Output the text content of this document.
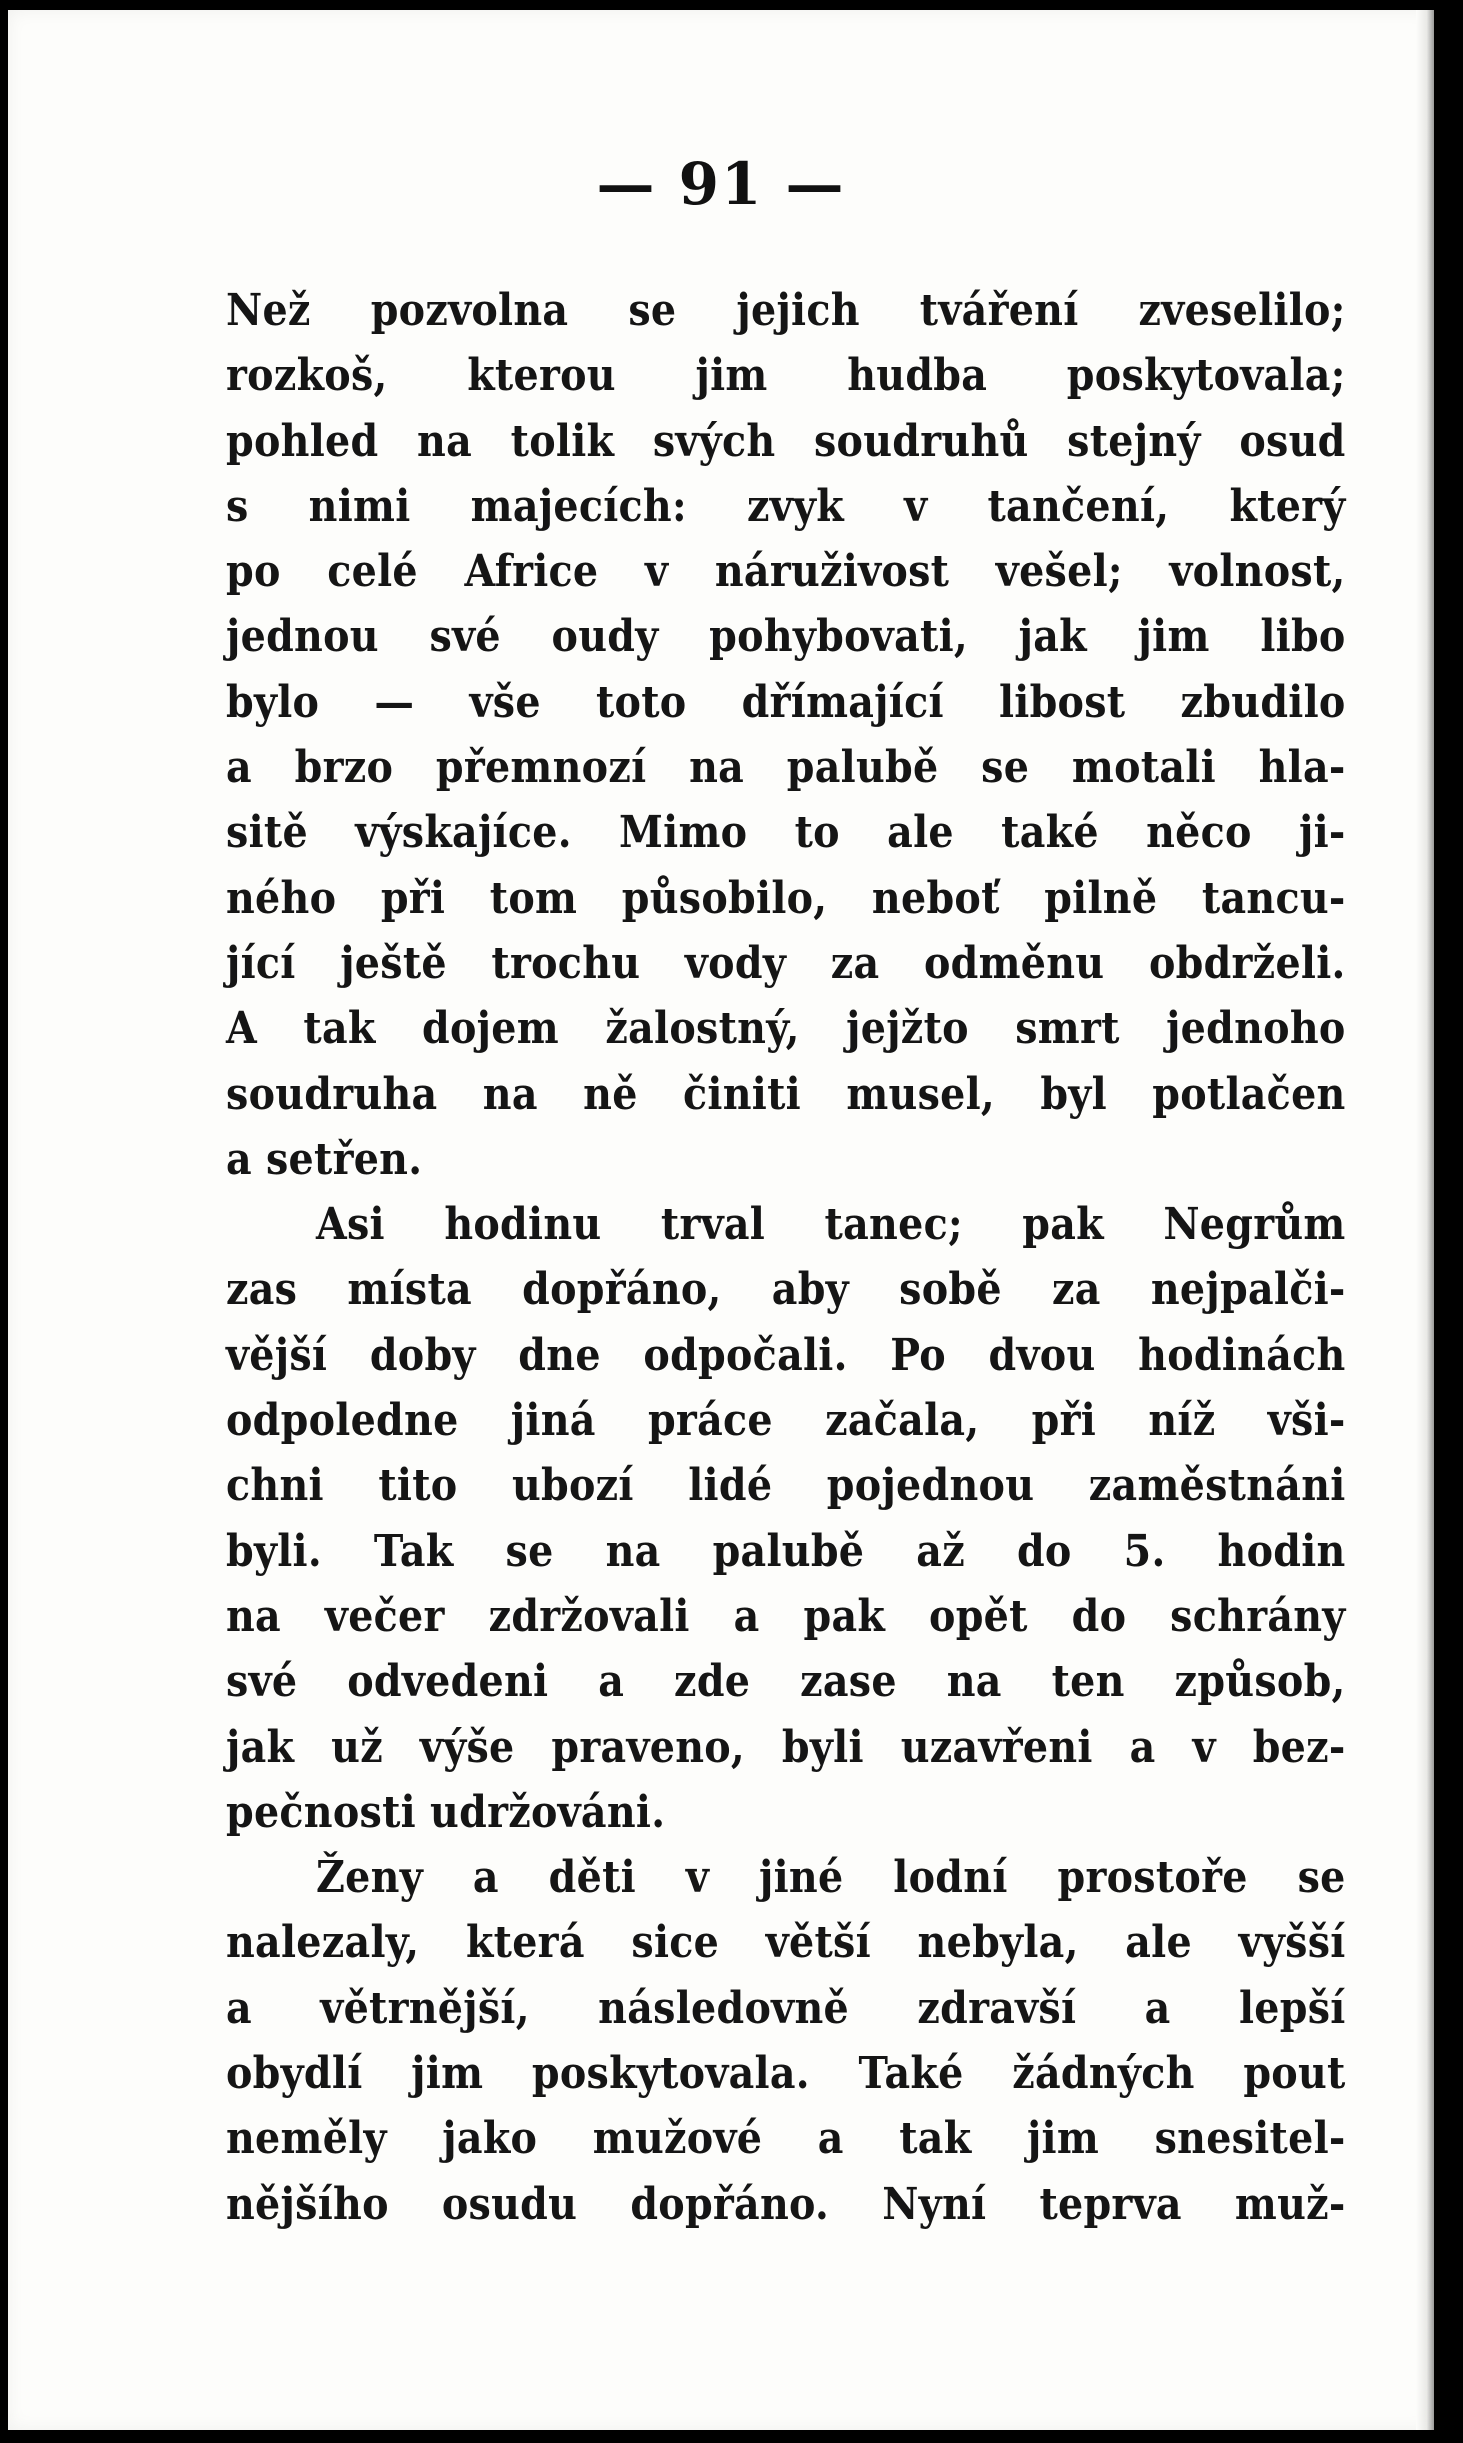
— 91 —
Než pozvolna se jejich tváření zveselilo;
rozkoš, kterou jim hudba poskytovala;
pohled na tolik svých soudruhů stejný osud
s nimi majecích: zvyk v tančení, který
po celé Africe v náruživost vešel; volnost,
jednou své oudy pohybovati, jak jim libo
bylo — vše toto dřímající libost zbudilo
a brzo přemnozí na palubě se motali hla-
sitě výskajíce. Mimo to ale také něco ji-
ného při tom působilo, neboť pilně tancu-
jící ještě trochu vody za odměnu obdrželi.
A tak dojem žalostný, jejžto smrt jednoho
soudruha na ně činiti musel, byl potlačen
a setřen.
Asi hodinu trval tanec; pak Negrům
zas místa dopřáno, aby sobě za nejpalči-
vější doby dne odpočali. Po dvou hodinách
odpoledne jiná práce začala, při níž vši-
chni tito ubozí lidé pojednou zaměstnáni
byli. Tak se na palubě až do 5. hodin
na večer zdržovali a pak opět do schrány
své odvedeni a zde zase na ten způsob,
jak už výše praveno, byli uzavřeni a v bez-
pečnosti udržováni.
Ženy a děti v jiné lodní prostoře se
nalezaly, která sice větší nebyla, ale vyšší
a větrnější, následovně zdravší a lepší
obydlí jim poskytovala. Také žádných pout
neměly jako mužové a tak jim snesitel-
nějšího osudu dopřáno. Nyní teprva muž-
